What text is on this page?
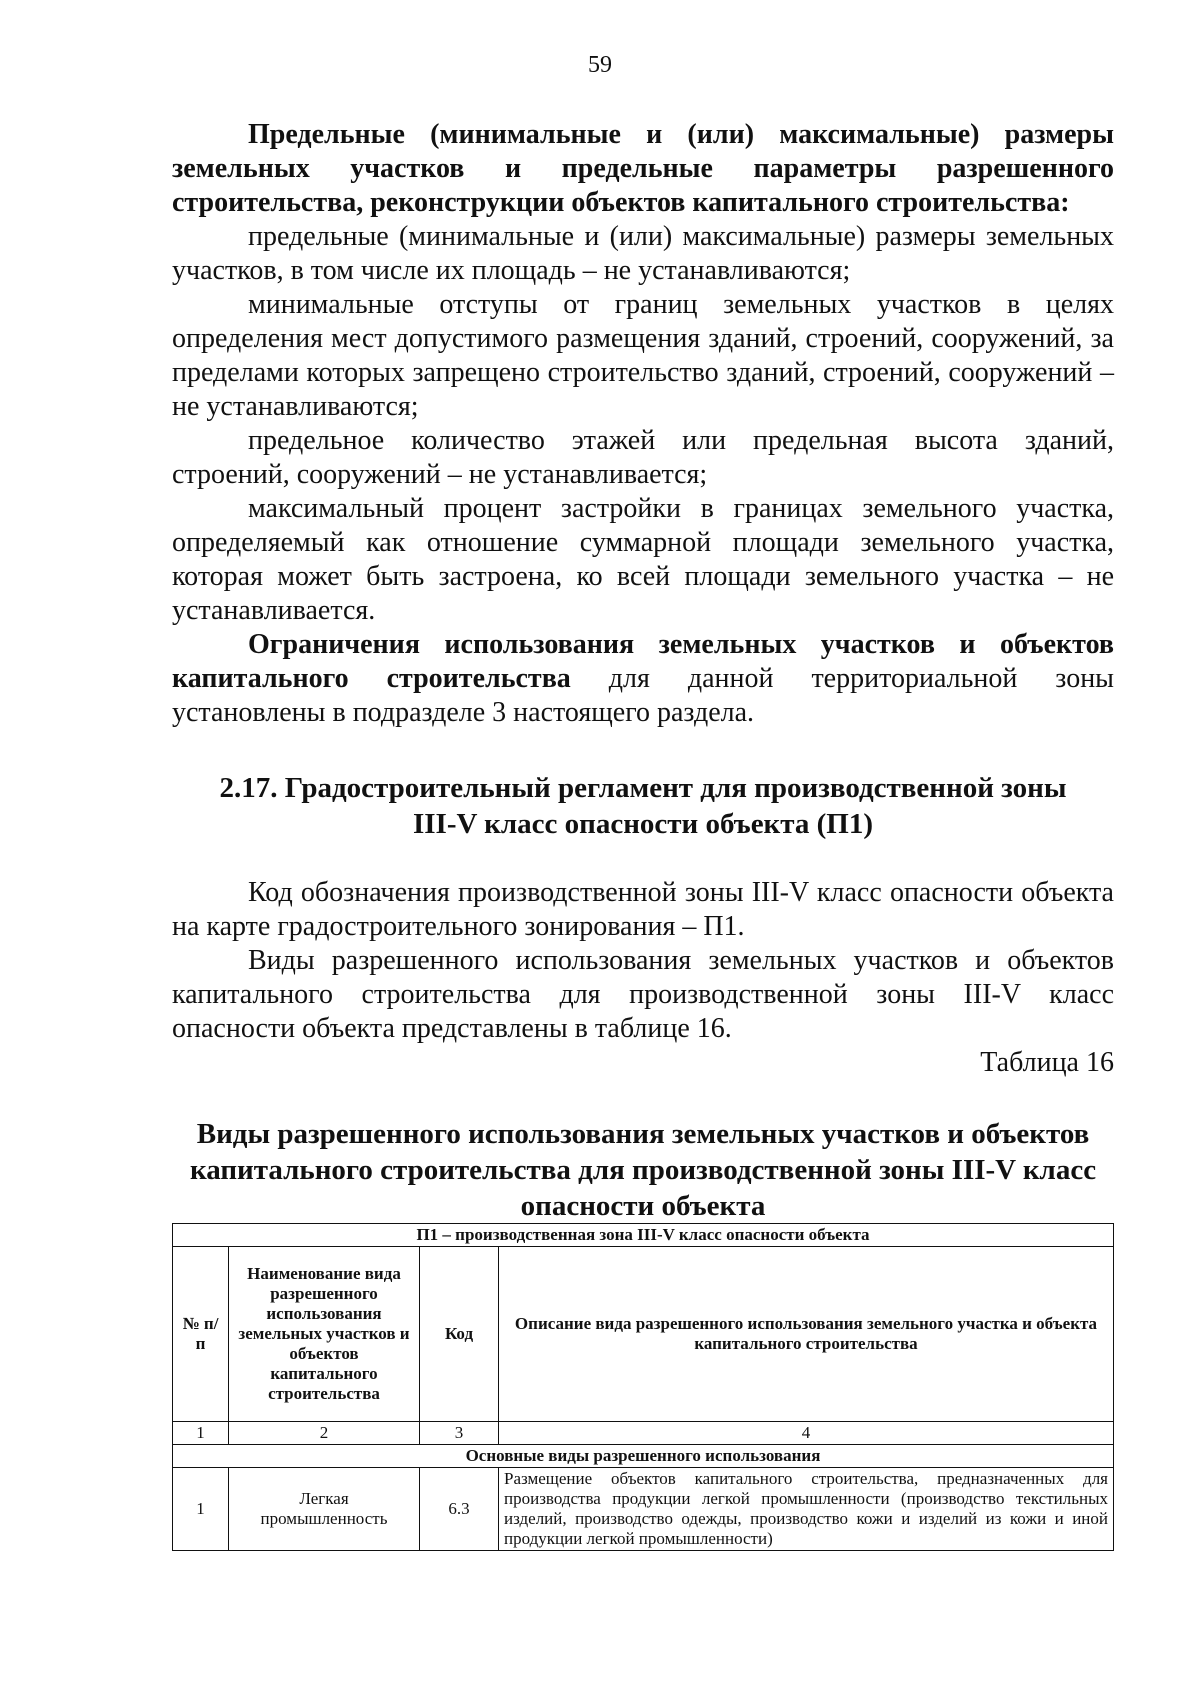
59

Предельные (минимальные и (или) максимальные) размеры земельных участков и предельные параметры разрешенного строительства, реконструкции объектов капитального строительства:

предельные (минимальные и (или) максимальные) размеры земельных участков, в том числе их площадь – не устанавливаются;

минимальные отступы от границ земельных участков в целях определения мест допустимого размещения зданий, строений, сооружений, за пределами которых запрещено строительство зданий, строений, сооружений – не устанавливаются;

предельное количество этажей или предельная высота зданий, строений, сооружений – не устанавливается;

максимальный процент застройки в границах земельного участка, определяемый как отношение суммарной площади земельного участка, которая может быть застроена, ко всей площади земельного участка – не устанавливается.

Ограничения использования земельных участков и объектов капитального строительства для данной территориальной зоны установлены в подразделе 3 настоящего раздела.

2.17. Градостроительный регламент для производственной зоны
III-V класс опасности объекта (П1)

Код обозначения производственной зоны III-V класс опасности объекта на карте градостроительного зонирования – П1.

Виды разрешенного использования земельных участков и объектов капитального строительства для производственной зоны III-V класс опасности объекта представлены в таблице 16.

Таблица 16

Виды разрешенного использования земельных участков и объектов
капитального строительства для производственной зоны III-V класс
опасности объекта
П1 – производственная зона III-V класс опасности объекта			
№ п/п	Наименование вида разрешенного использования земельных участков и объектов капитального строительства	Код	Описание вида разрешенного использования земельного участка и объекта капитального строительства
1	2	3	4
Основные виды разрешенного использования			
1	Легкая промышленность	6.3	Размещение объектов капитального строительства, предназначенных для производства продукции легкой промышленности (производство текстильных изделий, производство одежды, производство кожи и изделий из кожи и иной продукции легкой промышленности)
